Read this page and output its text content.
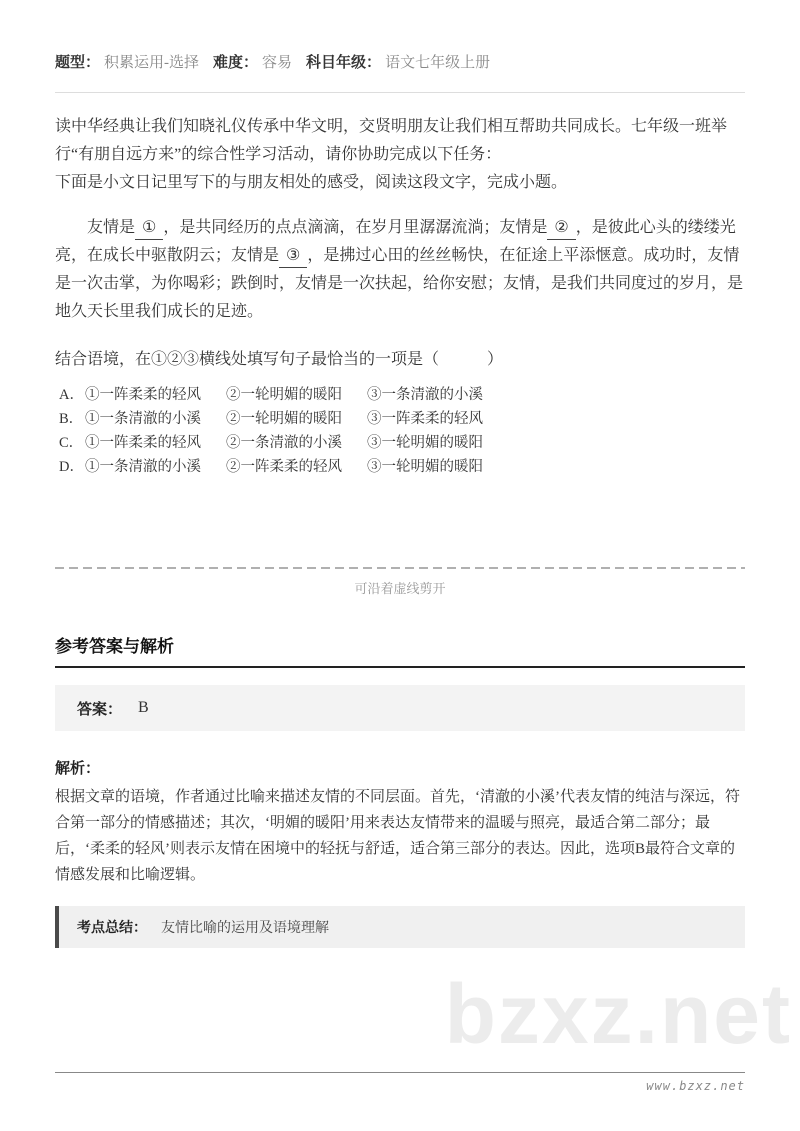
题型： 积累运用-选择 难度： 容易 科目年级： 语文七年级上册

读中华经典让我们知晓礼仪传承中华文明，交贤明朋友让我们相互帮助共同成长。七年级一班举行“有朋自远方来”的综合性学习活动，请你协助完成以下任务：

下面是小文日记里写下的与朋友相处的感受，阅读这段文字，完成小题。

友情是 ① ，是共同经历的点点滴滴，在岁月里潺潺流淌；友情是 ② ，是彼此心头的缕缕光亮，在成长中驱散阴云；友情是 ③ ，是拂过心田的丝丝畅快，在征途上平添惬意。成功时，友情是一次击掌，为你喝彩；跌倒时，友情是一次扶起，给你安慰；友情，是我们共同度过的岁月，是地久天长里我们成长的足迹。

结合语境，在①②③横线处填写句子最恰当的一项是（　　　）

A． ①一阵柔柔的轻风	②一轮明媚的暖阳	③一条清澈的小溪
B． ①一条清澈的小溪	②一轮明媚的暖阳	③一阵柔柔的轻风
C． ①一阵柔柔的轻风	②一条清澈的小溪	③一轮明媚的暖阳
D． ①一条清澈的小溪	②一阵柔柔的轻风	③一轮明媚的暖阳
可沿着虚线剪开
参考答案与解析
答案： B
解析：

根据文章的语境，作者通过比喻来描述友情的不同层面。首先，‘清澈的小溪’代表友情的纯洁与深远，符合第一部分的情感描述；其次，‘明媚的暖阳’用来表达友情带来的温暖与照亮，最适合第二部分；最后，‘柔柔的轻风’则表示友情在困境中的轻抚与舒适，适合第三部分的表达。因此，选项B最符合文章的情感发展和比喻逻辑。

考点总结： 友情比喻的运用及语境理解
bzxz.net
www.bzxz.net
